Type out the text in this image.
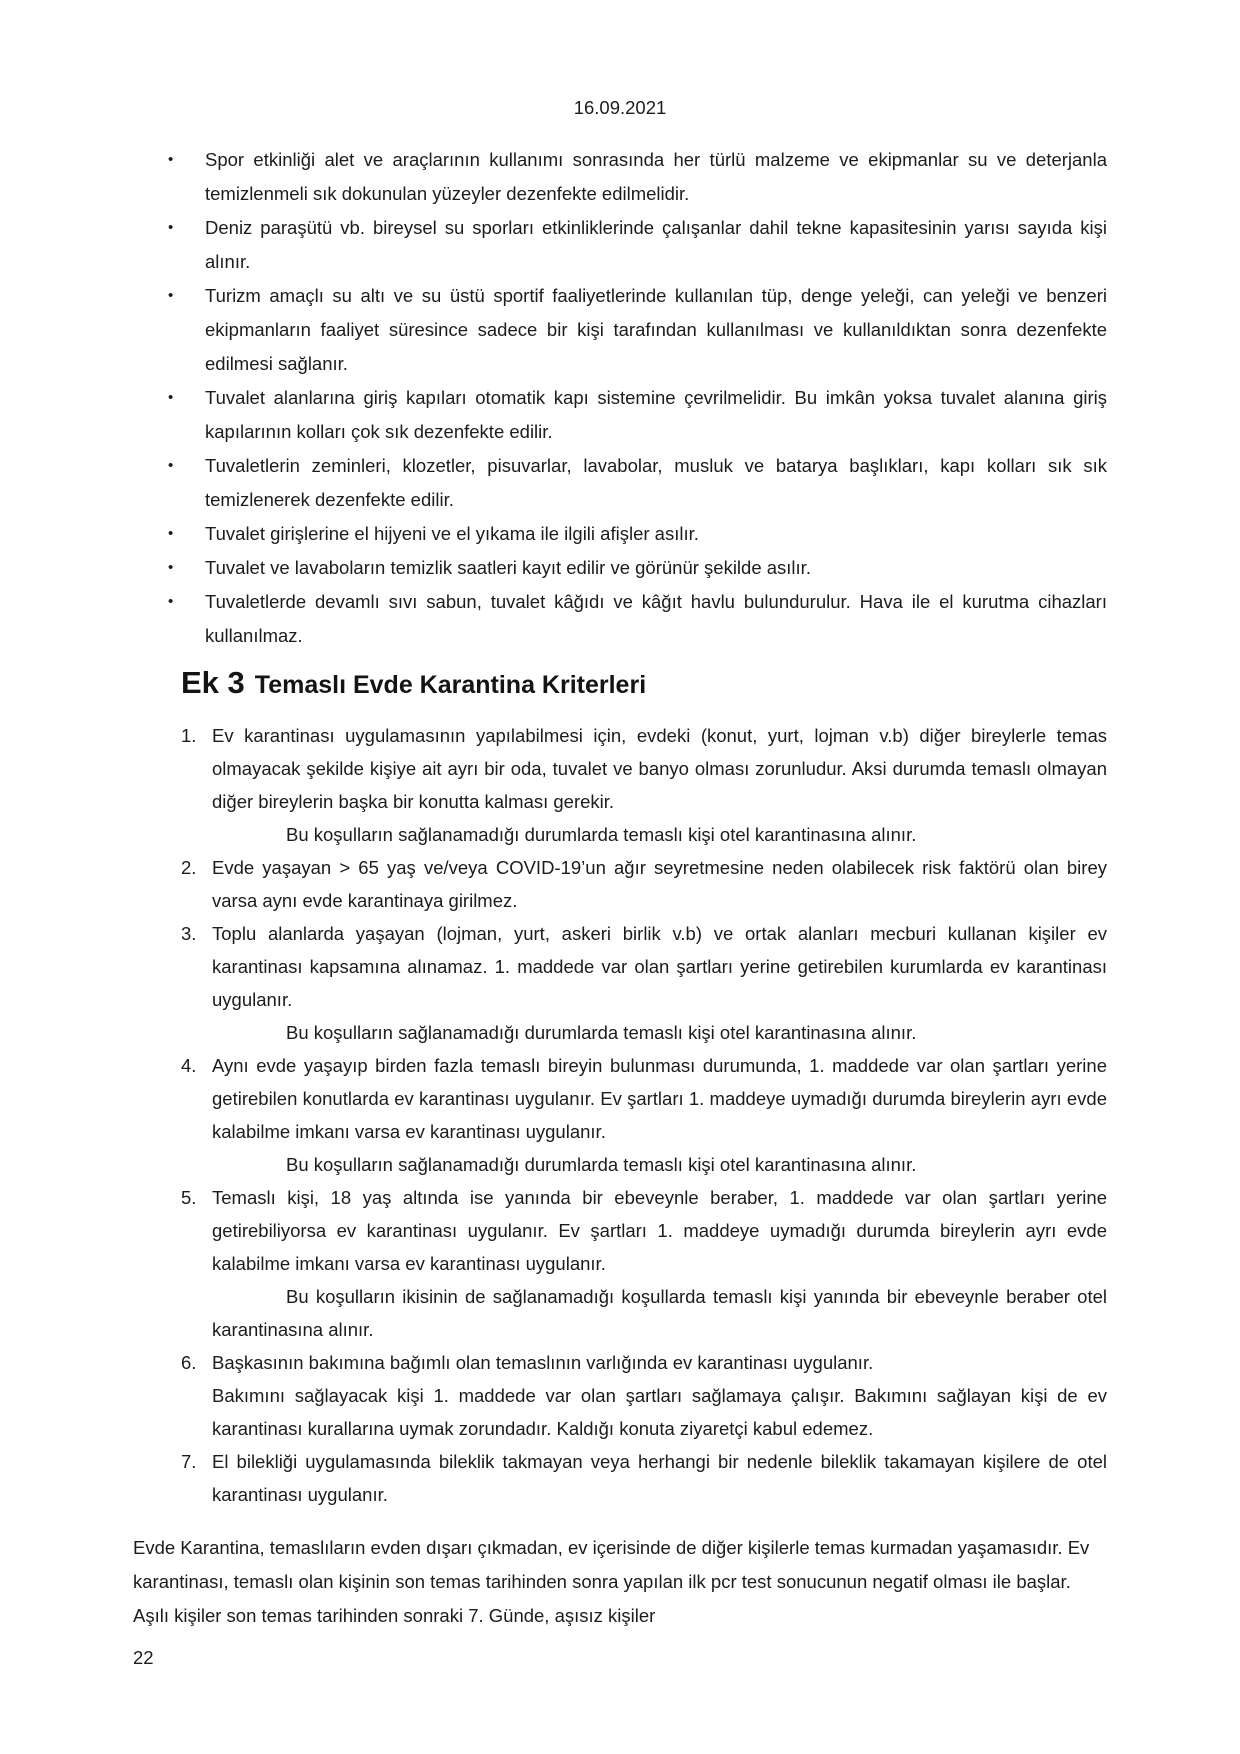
16.09.2021
•	Spor etkinliği alet ve araçlarının kullanımı sonrasında her türlü malzeme ve ekipmanlar su ve deterjanla temizlenmeli sık dokunulan yüzeyler dezenfekte edilmelidir.

•	Deniz paraşütü vb. bireysel su sporları etkinliklerinde çalışanlar dahil tekne kapasitesinin yarısı sayıda kişi alınır.

•	Turizm amaçlı su altı ve su üstü sportif faaliyetlerinde kullanılan tüp, denge yeleği, can yeleği ve benzeri ekipmanların faaliyet süresince sadece bir kişi tarafından kullanılması ve kullanıldıktan sonra dezenfekte edilmesi sağlanır.

•	Tuvalet alanlarına giriş kapıları otomatik kapı sistemine çevrilmelidir. Bu imkân yoksa tuvalet alanına giriş kapılarının kolları çok sık dezenfekte edilir.

•	Tuvaletlerin zeminleri, klozetler, pisuvarlar, lavabolar, musluk ve batarya başlıkları, kapı kolları sık sık temizlenerek dezenfekte edilir.

•	Tuvalet girişlerine el hijyeni ve el yıkama ile ilgili afişler asılır.

•	Tuvalet ve lavaboların temizlik saatleri kayıt edilir ve görünür şekilde asılır.

•	Tuvaletlerde devamlı sıvı sabun, tuvalet kâğıdı ve kâğıt havlu bulundurulur. Hava ile el kurutma cihazları kullanılmaz.

Ek 3 Temaslı Evde Karantina Kriterleri
1. Ev karantinası uygulamasının yapılabilmesi için, evdeki (konut, yurt, lojman v.b) diğer bireylerle temas olmayacak şekilde kişiye ait ayrı bir oda, tuvalet ve banyo olması zorunludur. Aksi durumda temaslı olmayan diğer bireylerin başka bir konutta kalması gerekir.

Bu koşulların sağlanamadığı durumlarda temaslı kişi otel karantinasına alınır.

2. Evde yaşayan > 65 yaş ve/veya COVID-19’un ağır seyretmesine neden olabilecek risk faktörü olan birey varsa aynı evde karantinaya girilmez.

3. Toplu alanlarda yaşayan (lojman, yurt, askeri birlik v.b) ve ortak alanları mecburi kullanan kişiler ev karantinası kapsamına alınamaz. 1. maddede var olan şartları yerine getirebilen kurumlarda ev karantinası uygulanır.

Bu koşulların sağlanamadığı durumlarda temaslı kişi otel karantinasına alınır.

4. Aynı evde yaşayıp birden fazla temaslı bireyin bulunması durumunda, 1. maddede var olan şartları yerine getirebilen konutlarda ev karantinası uygulanır. Ev şartları 1. maddeye uymadığı durumda bireylerin ayrı evde kalabilme imkanı varsa ev karantinası uygulanır.

Bu koşulların sağlanamadığı durumlarda temaslı kişi otel karantinasına alınır.

5. Temaslı kişi, 18 yaş altında ise yanında bir ebeveynle beraber, 1. maddede var olan şartları yerine getirebiliyorsa ev karantinası uygulanır. Ev şartları 1. maddeye uymadığı durumda bireylerin ayrı evde kalabilme imkanı varsa ev karantinası uygulanır.

Bu koşulların ikisinin de sağlanamadığı koşullarda temaslı kişi yanında bir ebeveynle beraber otel karantinasına alınır.

6. Başkasının bakımına bağımlı olan temaslının varlığında ev karantinası uygulanır.

Bakımını sağlayacak kişi 1. maddede var olan şartları sağlamaya çalışır. Bakımını sağlayan kişi de ev karantinası kurallarına uymak zorundadır. Kaldığı konuta ziyaretçi kabul edemez.

7. El bilekliği uygulamasında bileklik takmayan veya herhangi bir nedenle bileklik takamayan kişilere de otel karantinası uygulanır.

Evde Karantina, temaslıların evden dışarı çıkmadan, ev içerisinde de diğer kişilerle temas kurmadan yaşamasıdır. Ev karantinası, temaslı olan kişinin son temas tarihinden sonra yapılan ilk pcr test sonucunun negatif olması ile başlar. Aşılı kişiler son temas tarihinden sonraki 7. Günde, aşısız kişiler

22
